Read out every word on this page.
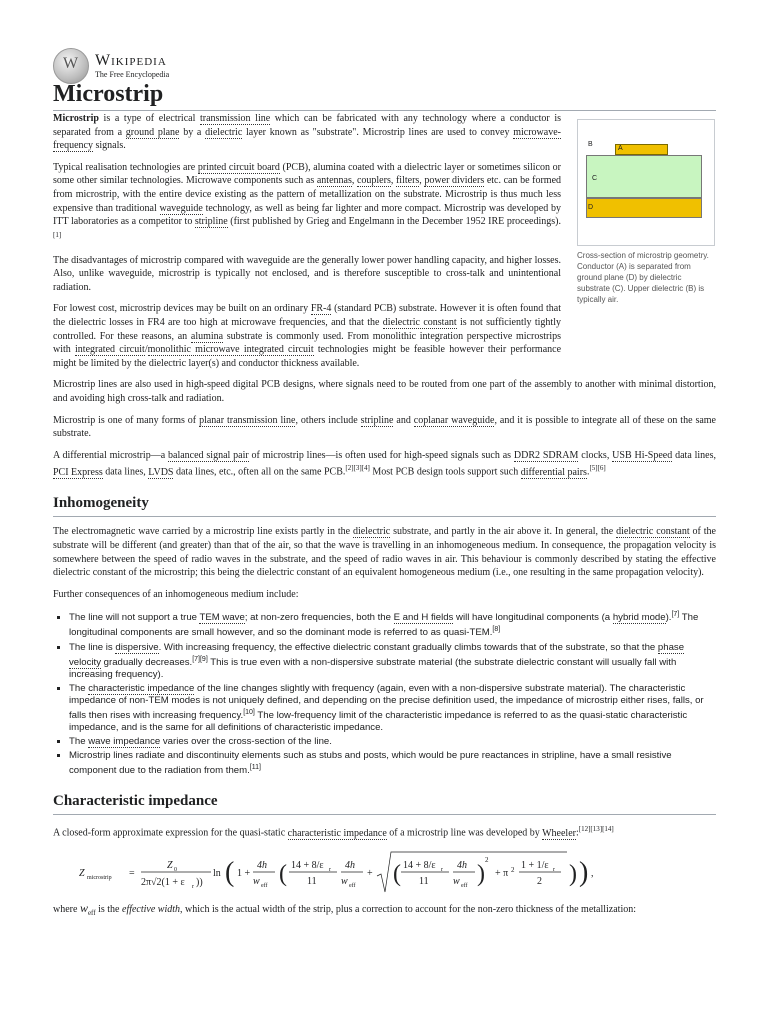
W
Wikipedia
The Free Encyclopedia
Microstrip
B
A
C
D
Cross-section of microstrip geometry. Conductor (A) is separated from ground plane (D) by dielectric substrate (C). Upper dielectric (B) is typically air.

Microstrip is a type of electrical transmission line which can be fabricated with any technology where a conductor is separated from a ground plane by a dielectric layer known as "substrate". Microstrip lines are used to convey microwave-frequency signals.

Typical realisation technologies are printed circuit board (PCB), alumina coated with a dielectric layer or sometimes silicon or some other similar technologies. Microwave components such as antennas, couplers, filters, power dividers etc. can be formed from microstrip, with the entire device existing as the pattern of metallization on the substrate. Microstrip is thus much less expensive than traditional waveguide technology, as well as being far lighter and more compact. Microstrip was developed by ITT laboratories as a competitor to stripline (first published by Grieg and Engelmann in the December 1952 IRE proceedings).[1]

The disadvantages of microstrip compared with waveguide are the generally lower power handling capacity, and higher losses. Also, unlike waveguide, microstrip is typically not enclosed, and is therefore susceptible to cross-talk and unintentional radiation.

For lowest cost, microstrip devices may be built on an ordinary FR-4 (standard PCB) substrate. However it is often found that the dielectric losses in FR4 are too high at microwave frequencies, and that the dielectric constant is not sufficiently tightly controlled. For these reasons, an alumina substrate is commonly used. From monolithic integration perspective microstrips with integrated circuit/monolithic microwave integrated circuit technologies might be feasible however their performance might be limited by the dielectric layer(s) and conductor thickness available.

Microstrip lines are also used in high-speed digital PCB designs, where signals need to be routed from one part of the assembly to another with minimal distortion, and avoiding high cross-talk and radiation.

Microstrip is one of many forms of planar transmission line, others include stripline and coplanar waveguide, and it is possible to integrate all of these on the same substrate.

A differential microstrip—a balanced signal pair of microstrip lines—is often used for high-speed signals such as DDR2 SDRAM clocks, USB Hi-Speed data lines, PCI Express data lines, LVDS data lines, etc., often all on the same PCB.[2][3][4] Most PCB design tools support such differential pairs.[5][6]

Inhomogeneity

The electromagnetic wave carried by a microstrip line exists partly in the dielectric substrate, and partly in the air above it. In general, the dielectric constant of the substrate will be different (and greater) than that of the air, so that the wave is travelling in an inhomogeneous medium. In consequence, the propagation velocity is somewhere between the speed of radio waves in the substrate, and the speed of radio waves in air. This behaviour is commonly described by stating the effective dielectric constant of the microstrip; this being the dielectric constant of an equivalent homogeneous medium (i.e., one resulting in the same propagation velocity).

Further consequences of an inhomogeneous medium include:

▪ The line will not support a true TEM wave; at non-zero frequencies, both the E and H fields will have longitudinal components (a hybrid mode).[7] The longitudinal components are small however, and so the dominant mode is referred to as quasi-TEM.[8]
▪ The line is dispersive. With increasing frequency, the effective dielectric constant gradually climbs towards that of the substrate, so that the phase velocity gradually decreases.[7][9] This is true even with a non-dispersive substrate material (the substrate dielectric constant will usually fall with increasing frequency).
▪ The characteristic impedance of the line changes slightly with frequency (again, even with a non-dispersive substrate material). The characteristic impedance of non-TEM modes is not uniquely defined, and depending on the precise definition used, the impedance of microstrip either rises, falls, or falls then rises with increasing frequency.[10] The low-frequency limit of the characteristic impedance is referred to as the quasi-static characteristic impedance, and is the same for all definitions of characteristic impedance.
▪ The wave impedance varies over the cross-section of the line.
▪ Microstrip lines radiate and discontinuity elements such as stubs and posts, which would be pure reactances in stripline, have a small resistive component due to the radiation from them.[11]
Characteristic impedance

A closed-form approximate expression for the quasi-static characteristic impedance of a microstrip line was developed by Wheeler:[12][13][14]

Z microstrip =
Z 0
2π√2(1 + ε r ))
ln ( 1 +
4h
w eff ( 14 + 8/ε r
11
4h
w eff
+ ( 14 + 8/ε r
11
4h
w eff )
2
+ π 2 1 + 1/ε r
2 ) ) ,

where $w_{eff}$ is the effective width, which is the actual width of the strip, plus a correction to account for the non-zero thickness of the metallization:
